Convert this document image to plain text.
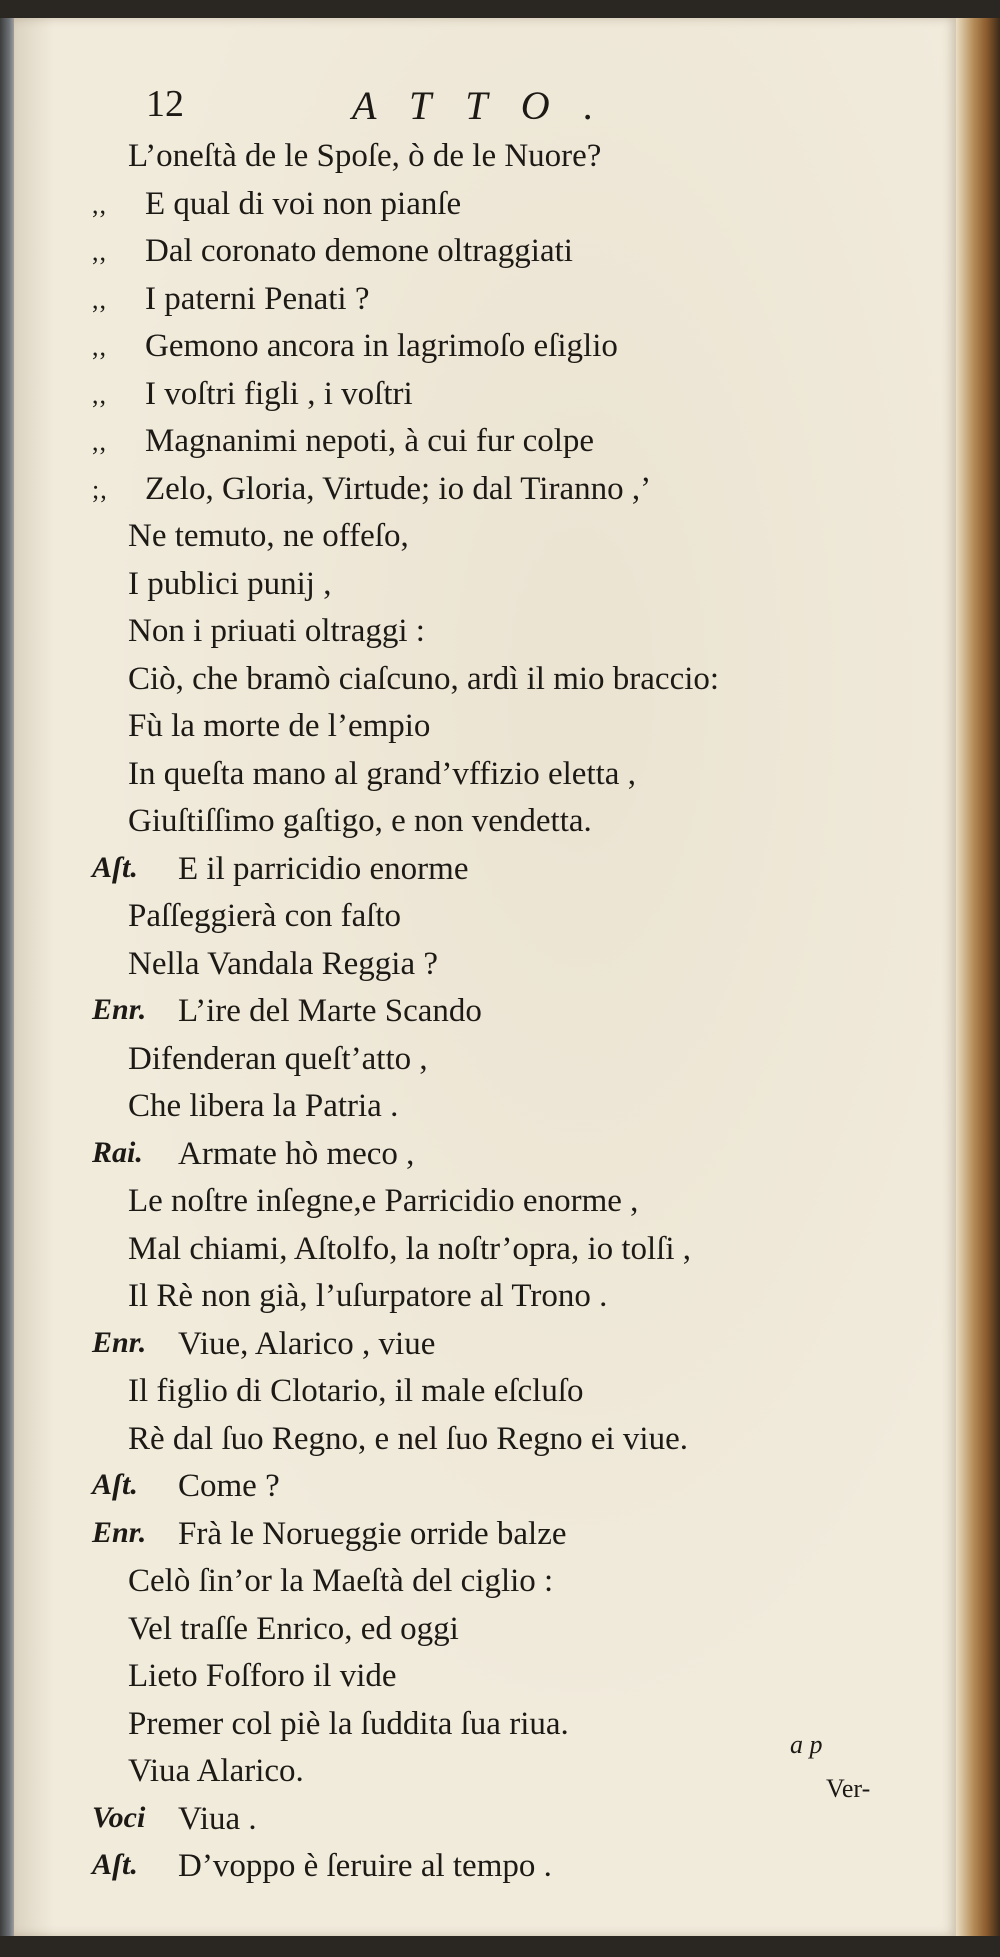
12	ATTO.
L’oneſtà de le Spoſe, ò de le Nuore?
,, E qual di voi non pianſe
,, Dal coronato demone oltraggiati
,, I paterni Penati ?
,, Gemono ancora in lagrimoſo eſiglio
,, I voſtri figli , i voſtri
,, Magnanimi nepoti, à cui fur colpe
;, Zelo, Gloria, Virtude; io dal Tiranno ,’
Ne temuto, ne offeſo,
I publici punij ,
Non i priuati oltraggi :
Ciò, che bramò ciaſcuno, ardì il mio braccio:
Fù la morte de l’empio
In queſta mano al grand’vffizio eletta ,
Giuſtiſſimo gaſtigo, e non vendetta.
Aſt. E il parricidio enorme
Paſſeggierà con faſto
Nella Vandala Reggia ?
Enr. L’ire del Marte Scando
Difenderan queſt’atto ,
Che libera la Patria .
Rai. Armate hò meco ,
Le noſtre inſegne,e Parricidio enorme ,
Mal chiami, Aſtolfo, la noſtr’opra, io tolſi ,
Il Rè non già, l’uſurpatore al Trono .
Enr. Viue, Alarico , viue
Il figlio di Clotario, il male eſcluſo
Rè dal ſuo Regno, e nel ſuo Regno ei viue.
Aſt. Come ?
Enr. Frà le Norueggie orride balze
Celò ſin’or la Maeſtà del ciglio :
Vel traſſe Enrico, ed oggi
Lieto Foſforo il vide
Premer col piè la ſuddita ſua riua.
Viua Alarico.
Voci Viua .
Aſt. D’voppo è ſeruire al tempo .
a p
Ver-
